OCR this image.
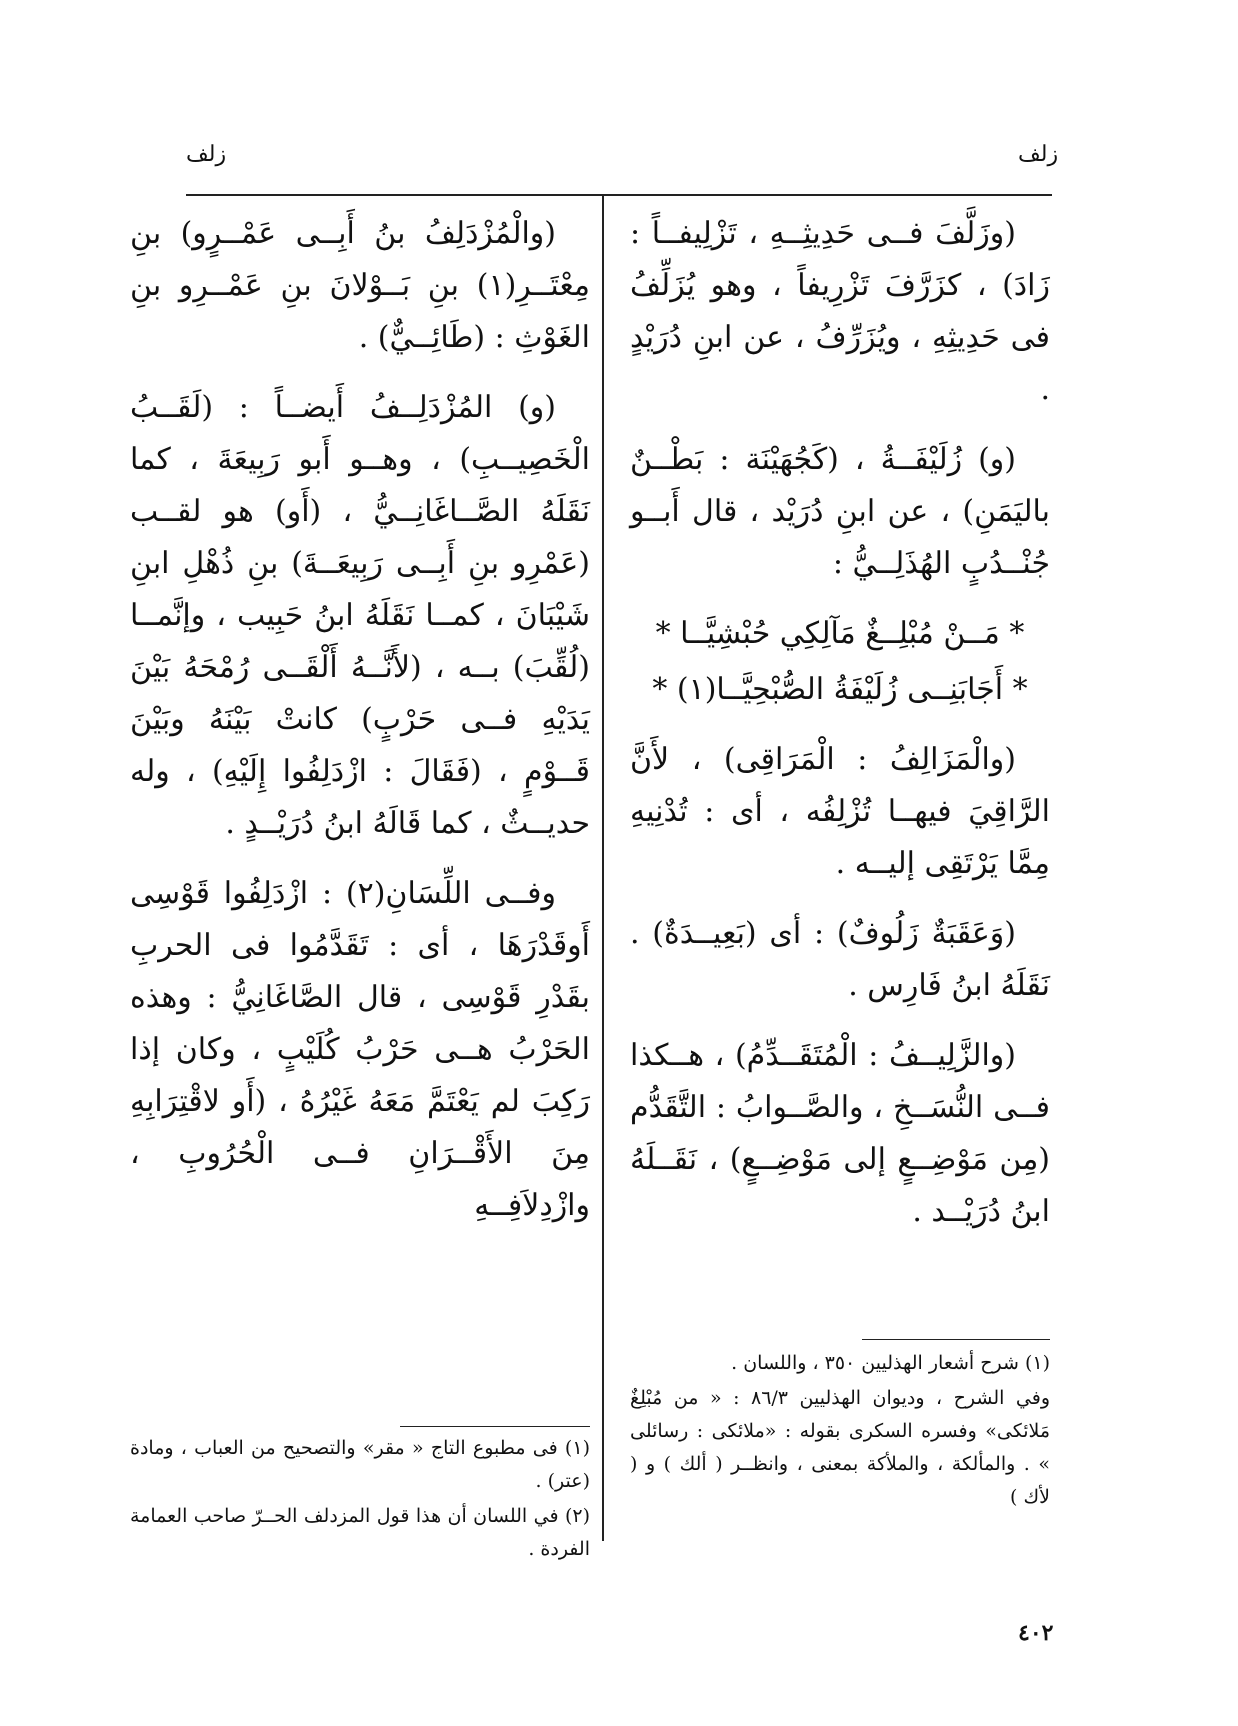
زلف
زلف

(وزَلَّفَ فــى حَدِيثِــهِ ، تَزْلِيفــاً : زَادَ) ، كزَرَّفَ تَزْرِيفاً ، وهو يُزَلِّفُ فى حَدِيثِهِ ، ويُزَرِّفُ ، عن ابنِ دُرَيْدٍ .

(و) زُلَيْفَــةُ ، (كَجُهَيْنَة : بَطْــنٌ باليَمَنِ) ، عن ابنِ دُرَيْد ، قال أَبــو جُنْــدُبٍ الهُذَلِــيُّ :

* مَــنْ مُبْلِــغٌ مَآلِكِي حُبْشِيَّــا *

* أَجَابَنِــى زُلَيْفَةُ الصُّبْحِيَّــا(١) *

(والْمَزَالِفُ : الْمَرَاقِى) ، لأَنَّ الرَّاقِيَ فيهــا تُزْلِفُه ، أى : تُدْنِيهِ مِمَّا يَرْتَقِى إليــه .

(وَعَقَبَةٌ زَلُوفٌ) : أى (بَعِيــدَةٌ) . نَقَلَهُ ابنُ فَارِس .

(والزَّلِيــفُ : الْمُتَقَــدِّمُ) ، هــكذا فــى النُّسَــخِ ، والصَّــوابُ : التَّقَدُّم (مِن مَوْضِــعٍ إلى مَوْضِــعٍ) ، نَقَــلَهُ ابنُ دُرَيْــد .

(والْمُزْدَلِفُ بنُ أَبِــى عَمْــرٍو) بنِ مِعْتَــرِ(١) بنِ بَــوْلانَ بنِ عَمْــرِو بنِ الغَوْثِ : (طَائِــيٌّ) .

(و) المُزْدَلِــفُ أَيضــاً : (لَقَــبُ الْخَصِيــبِ) ، وهــو أَبو رَبِيعَةَ ، كما نَقَلَهُ الصَّــاغَانِــيُّ ، (أَو) هو لقــب (عَمْرِو بنِ أَبِــى رَبِيعَــةَ) بنِ ذُهْلِ ابنِ شَيْبَانَ ، كمــا نَقَلَهُ ابنُ حَبِيب ، وإنَّمــا (لُقِّبَ) بــه ، (لأَنَّــهُ أَلْقَــى رُمْحَهُ بَيْنَ يَدَيْهِ فــى حَرْبٍ) كانتْ بَيْنَهُ وبَيْنَ قَــوْمٍ ، (فَقَالَ : ازْدَلِفُوا إِلَيْهِ) ، وله حديــثٌ ، كما قَالَهُ ابنُ دُرَيْــدٍ .

وفــى اللِّسَانِ(٢) : ازْدَلِفُوا قَوْسِى أَوقَدْرَهَا ، أى : تَقَدَّمُوا فى الحربِ بقَدْرِ قَوْسِى ، قال الصَّاغَانِيُّ : وهذه الحَرْبُ هــى حَرْبُ كُلَيْبٍ ، وكان إذا رَكِبَ لم يَعْتَمَّ مَعَهُ غَيْرُهُ ، (أَو لاقْتِرَابِهِ مِنَ الأَقْــرَانِ فــى الْحُرُوبِ ، وازْدِلاَفِــهِ

(١) شرح أشعار الهذليين ٣٥٠ ، واللسان .

وفي الشرح ، وديوان الهذليين ٨٦/٣ : « من مُبْلِغٌ مَلائكى» وفسره السكرى بقوله : «ملائكى : رسائلى » . والمألكة ، والملأكة بمعنى ، وانظــر ( ألك ) و ( لأك )

(١) فى مطبوع التاج « مقر» والتصحيح من العباب ، ومادة (عتر) .

(٢) في اللسان أن هذا قول المزدلف الحــرّ صاحب العمامة الفردة .

٤٠٢
